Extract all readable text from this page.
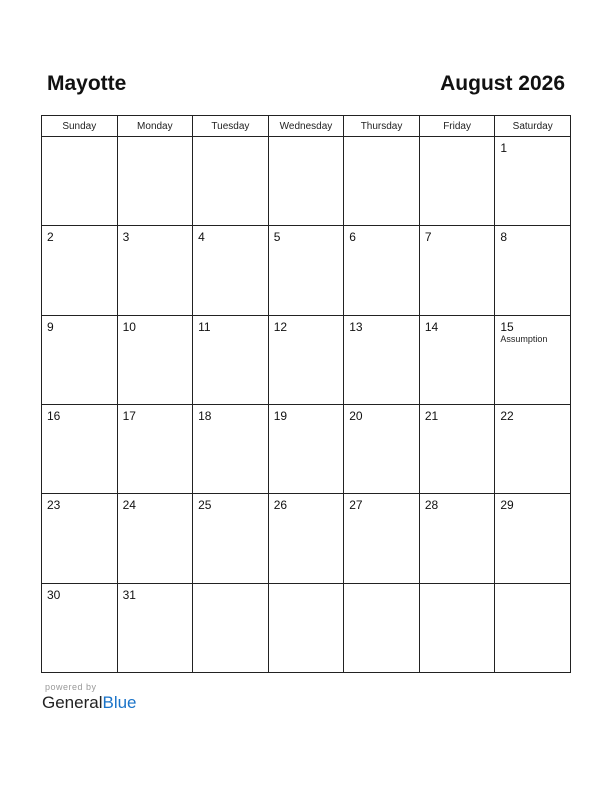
Mayotte	August 2026
Sunday	Monday	Tuesday	Wednesday	Thursday	Friday	Saturday

						1

2	3	4	5	6	7	8

9	10	11	12	13	14	15
Assumption

16	17	18	19	20	21	22

23	24	25	26	27	28	29

30	31					

powered by
GeneralBlue
